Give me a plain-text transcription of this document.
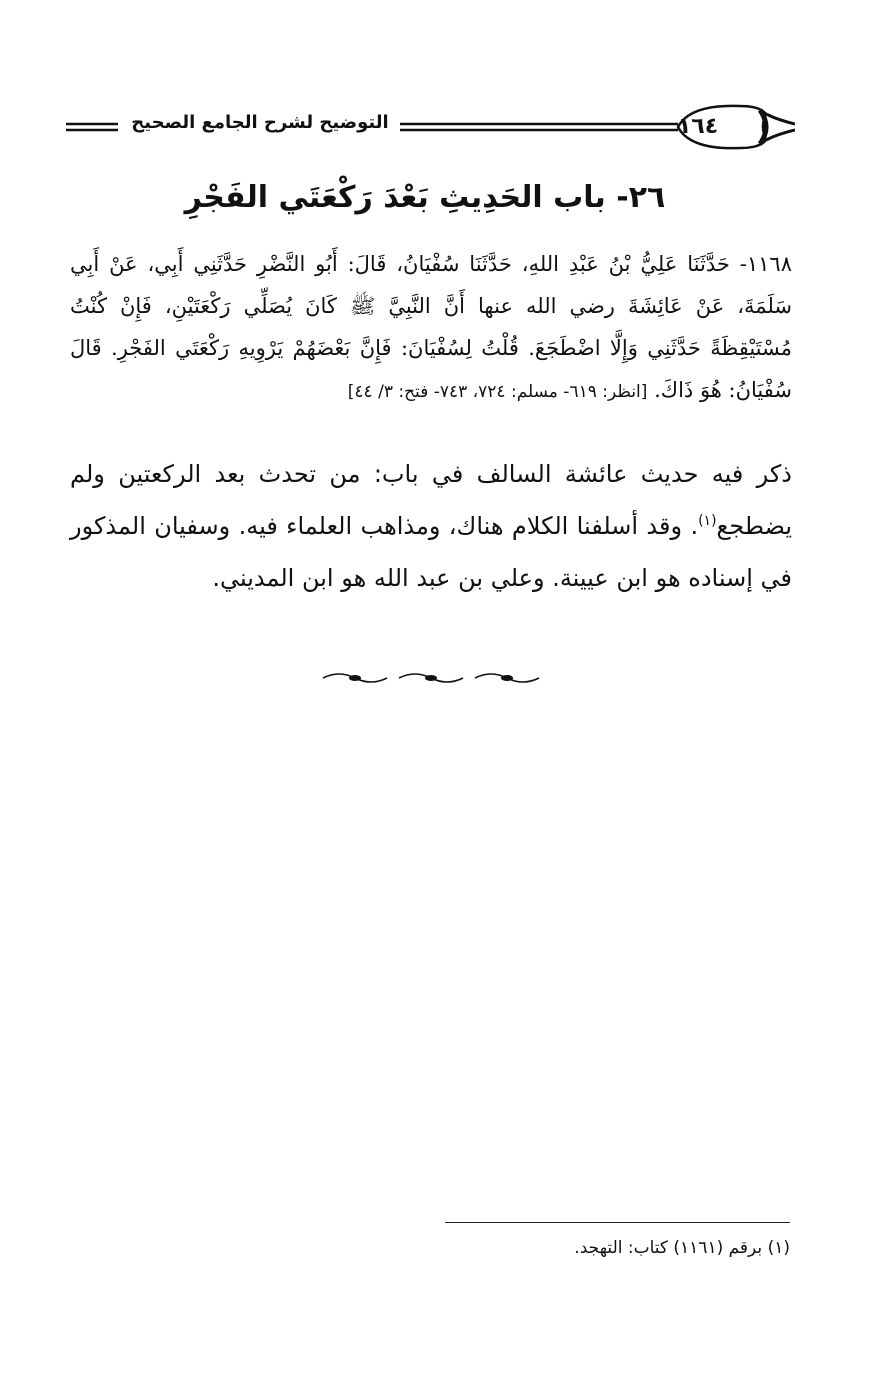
١٦٤
التوضيح لشرح الجامع الصحيح
٢٦- باب الحَدِيثِ بَعْدَ رَكْعَتَي الفَجْرِ
١١٦٨- حَدَّثَنَا عَلِيُّ بْنُ عَبْدِ اللهِ، حَدَّثَنَا سُفْيَانُ، قَالَ: أَبُو النَّضْرِ حَدَّثَنِي أَبِي، عَنْ أَبِي سَلَمَةَ، عَنْ عَائِشَةَ رضي الله عنها أَنَّ النَّبِيَّ ﷺ كَانَ يُصَلِّي رَكْعَتَيْنِ، فَإِنْ كُنْتُ مُسْتَيْقِظَةً حَدَّثَنِي وَإِلَّا اضْطَجَعَ. قُلْتُ لِسُفْيَانَ: فَإِنَّ بَعْضَهُمْ يَرْوِيهِ رَكْعَتَي الفَجْرِ. قَالَ سُفْيَانُ: هُوَ ذَاكَ. [انظر: ٦١٩- مسلم: ٧٢٤، ٧٤٣- فتح: ٣/ ٤٤]
ذكر فيه حديث عائشة السالف في باب: من تحدث بعد الركعتين ولم يضطجع$^{(١)}$. وقد أسلفنا الكلام هناك، ومذاهب العلماء فيه. وسفيان المذكور في إسناده هو ابن عيينة. وعلي بن عبد الله هو ابن المديني.
(١) برقم (١١٦١) كتاب: التهجد.
